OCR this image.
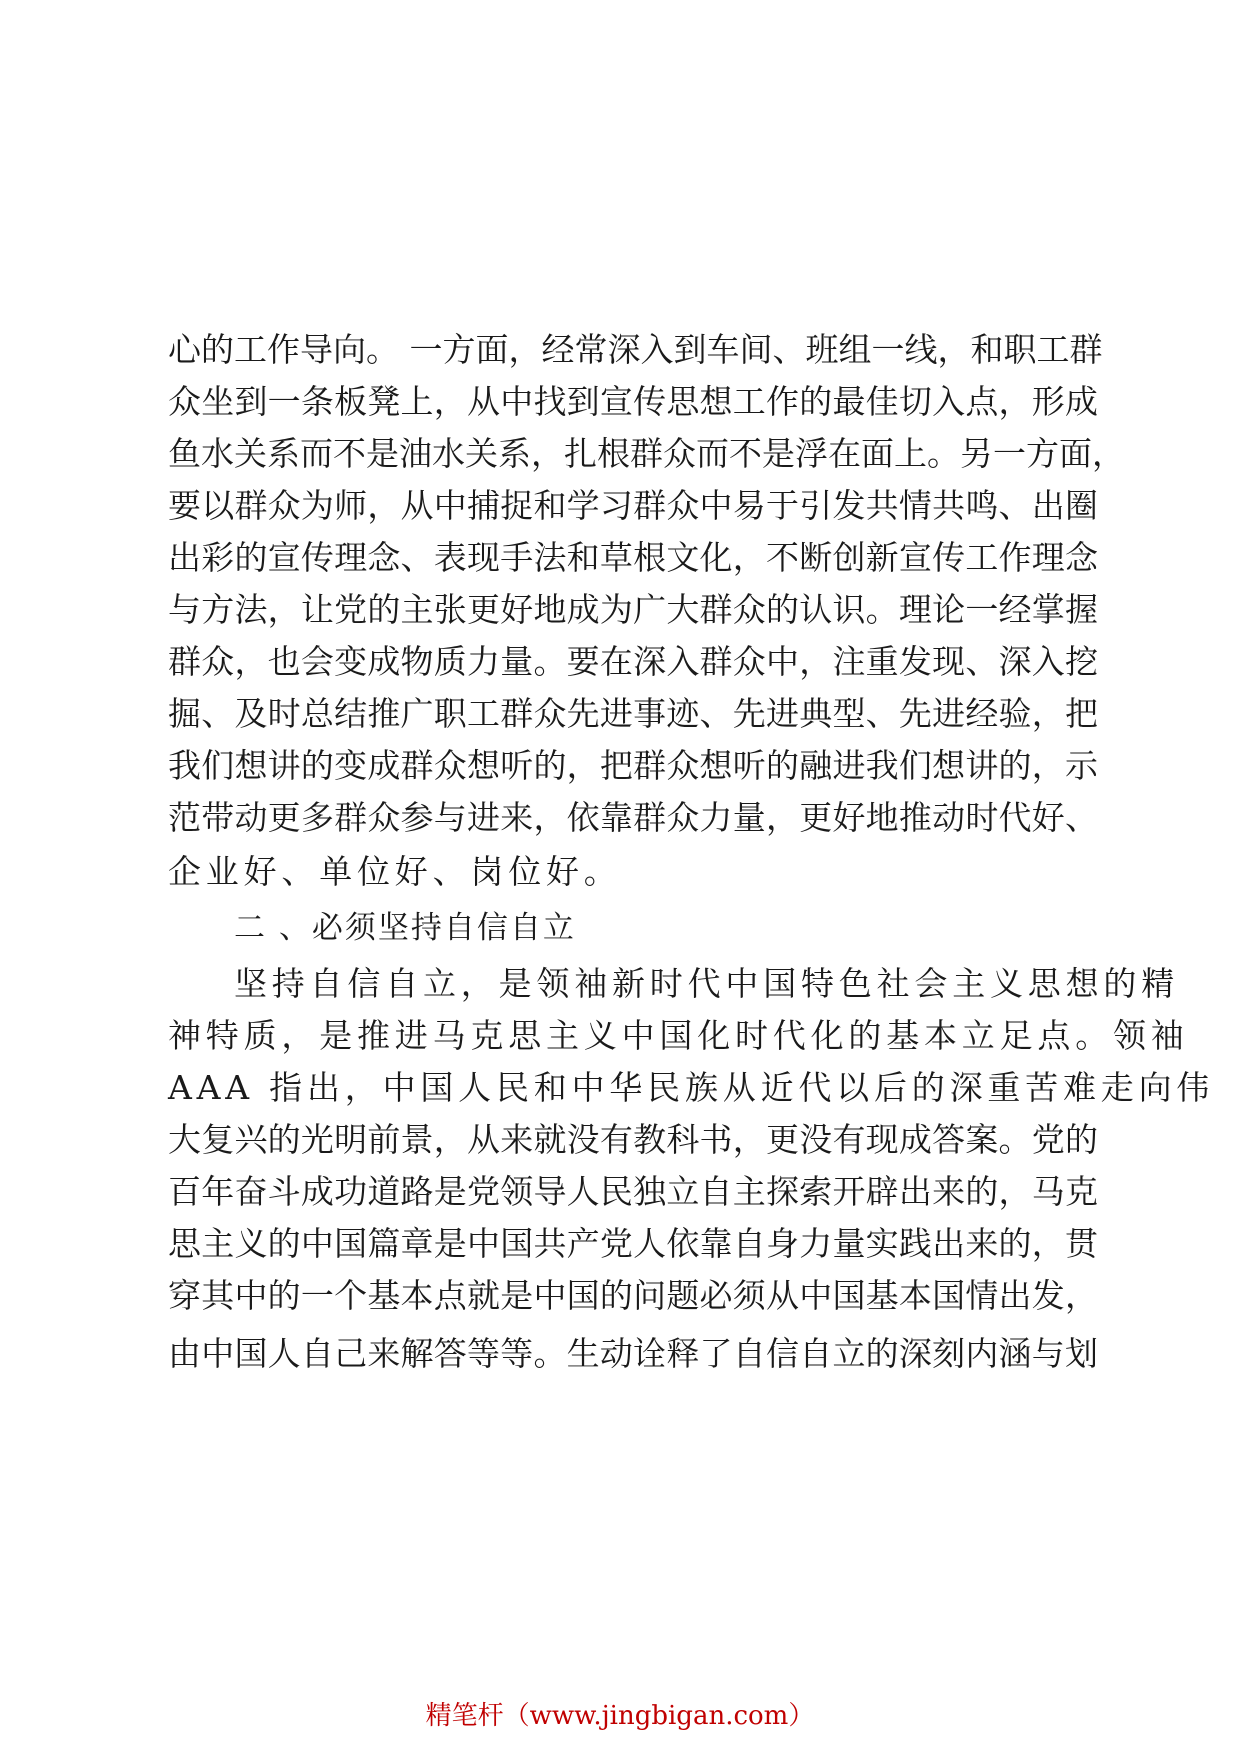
心的工作导向。 一方面，经常深入到车间、班组一线，和职工群
众坐到一条板凳上，从中找到宣传思想工作的最佳切入点，形成
鱼水关系而不是油水关系，扎根群众而不是浮在面上。另一方面，
要以群众为师，从中捕捉和学习群众中易于引发共情共鸣、出圈
出彩的宣传理念、表现手法和草根文化，不断创新宣传工作理念
与方法，让党的主张更好地成为广大群众的认识。理论一经掌握
群众，也会变成物质力量。要在深入群众中，注重发现、深入挖
掘、及时总结推广职工群众先进事迹、先进典型、先进经验，把
我们想讲的变成群众想听的，把群众想听的融进我们想讲的，示
范带动更多群众参与进来，依靠群众力量，更好地推动时代好、
企业好、单位好、岗位好。
二 、必须坚持自信自立
坚持自信自立，是领袖新时代中国特色社会主义思想的精
神特质，是推进马克思主义中国化时代化的基本立足点。领袖
AAA 指出，中国人民和中华民族从近代以后的深重苦难走向伟
大复兴的光明前景，从来就没有教科书，更没有现成答案。党的
百年奋斗成功道路是党领导人民独立自主探索开辟出来的，马克
思主义的中国篇章是中国共产党人依靠自身力量实践出来的，贯
穿其中的一个基本点就是中国的问题必须从中国基本国情出发，
由中国人自己来解答等等。生动诠释了自信自立的深刻内涵与划
精笔杆（www.jingbigan.com）
